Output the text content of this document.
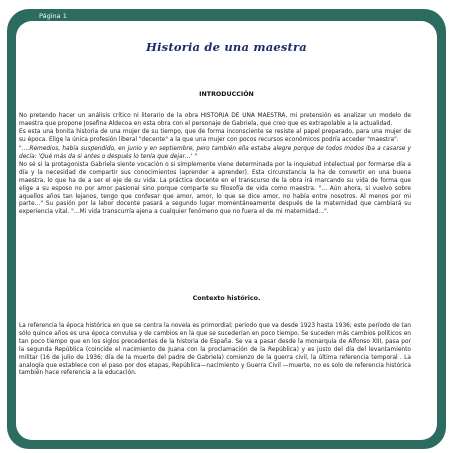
Página 1
Historia de una maestra
INTRODUCCIÓN

No pretendo hacer un análisis crítico ni literario de la obra HISTORIA DE UNA MAESTRA, mi pretensión es analizar un modelo de maestra que propone Josefina Aldecoa en esta obra con el personaje de Gabriela, que creo que es extrapolable a la actualidad.

Es esta una bonita historia de una mujer de su tiempo, que de forma inconsciente se resiste al papel preparado, para una mujer de su época. Elige la única profesión liberal "decente" a la que una mujer con pocos recursos económicos podría acceder "maestra".

"….Remedios, había suspendido, en junio y en septiembre, pero también ella estaba alegre porque de todos modos iba a casarse y decía: 'Qué más da si antes o después lo tenía que dejar…' "

No sé si la protagonista Gabriela siente vocación o si simplemente viene determinada por la inquietud intelectual por formarse día a día y la necesidad de compartir sus conocimientos (aprender a aprender). Esta circunstancia la ha de convertir en una buena maestra, lo que ha de a ser el eje de su vida. La práctica docente en el transcurso de la obra irá marcando su vida de forma que elige a su esposo no por amor pasional sino porque comparte su filosofía de vida como maestra. "… Aún ahora, si vuelvo sobre aquellos años tan lejanos, tengo que confesar que amor, amor, lo que se dice amor, no había entre nosotros. Al menos por mi parte…" Su pasión por la labor docente pasará a segundo lugar momentáneamente después de la maternidad que cambiará su experiencia vital. "…Mi vida transcurría ajena a cualquier fenómeno que no fuera el de mi maternidad…".

Contexto histórico.

La referencia la época histórica en que se centra la novela es primordial; periodo que va desde 1923 hasta 1936; este período de tan sólo quince años es una época convulsa y de cambios en la que se sucederían en poco tiempo. Se suceden más cambios políticos en tan poco tiempo que en los siglos precedentes de la historia de España. Se va a pasar desde la monarquía de Alfonso XIII, pasa por la segunda República (coincide el nacimiento de Juana con la proclamación de la República) y es justo del día del levantamiento militar (16 de julio de 1936; día de la muerte del padre de Gabriela) comienzo de la guerra civil, la última referencia temporal . La analogía que establece con el paso por dos etapas, República—nacimiento y Guerra Civil —muerte, no es solo de referencia histórica también hace referencia a la educación.
